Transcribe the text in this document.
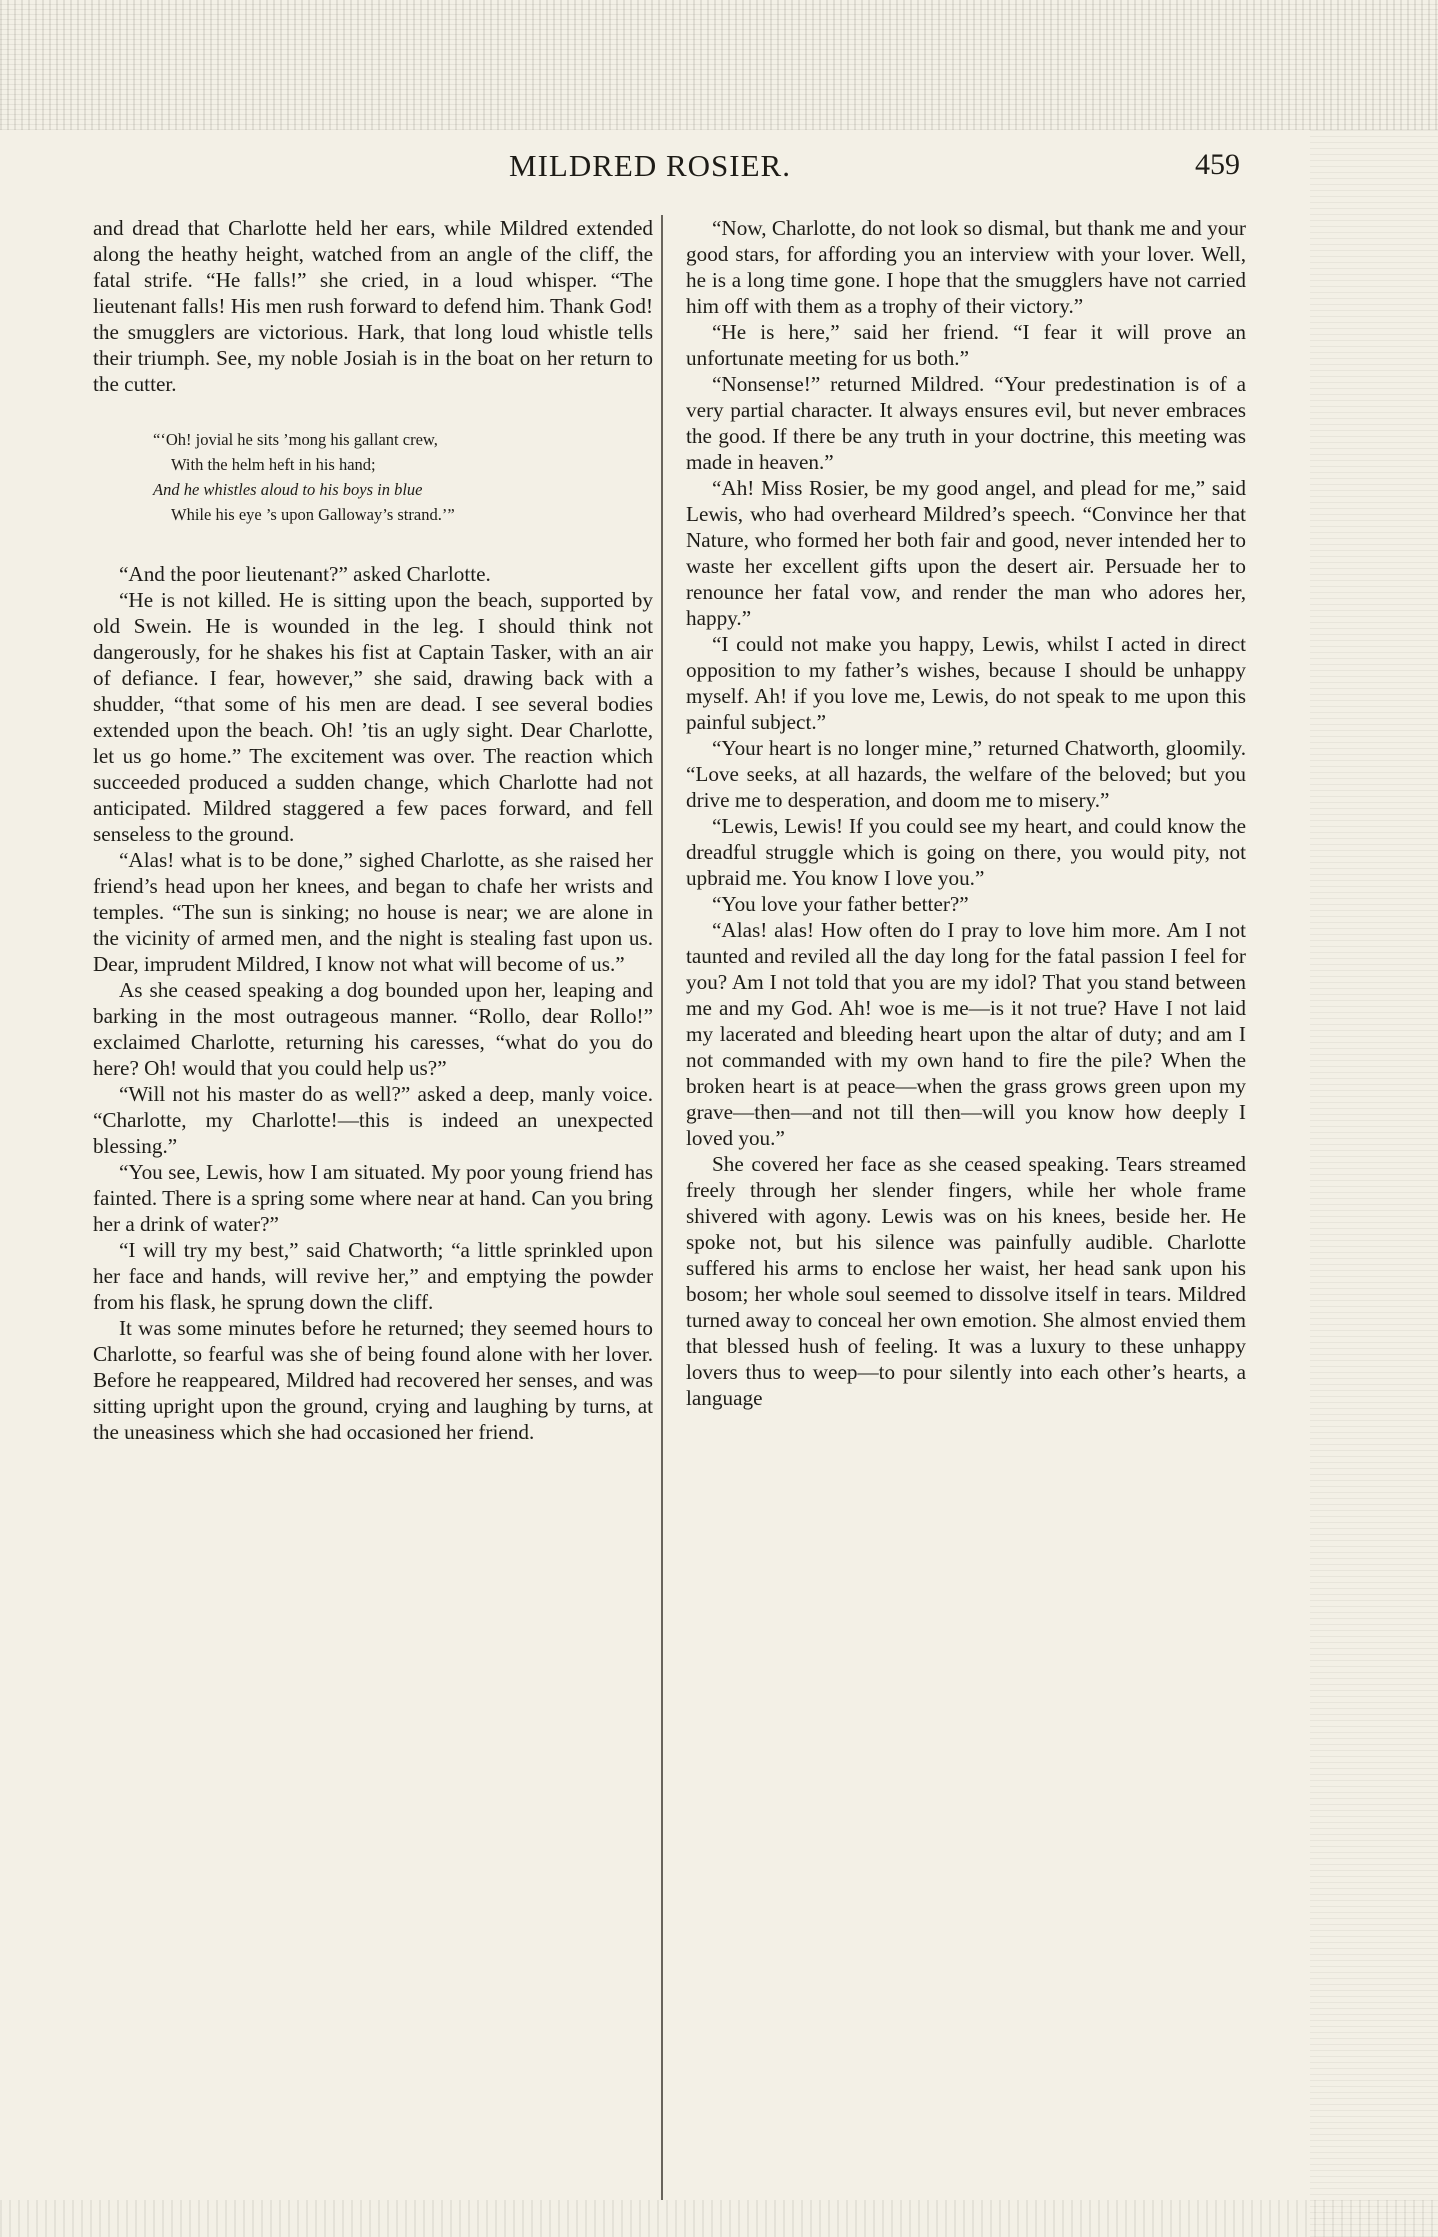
MILDRED ROSIER.	459

and dread that Charlotte held her ears, while Mildred extended along the heathy height, watched from an angle of the cliff, the fatal strife. “He falls!” she cried, in a loud whisper. “The lieutenant falls! His men rush forward to defend him. Thank God! the smugglers are victorious. Hark, that long loud whistle tells their triumph. See, my noble Josiah is in the boat on her return to the cutter.

“‘Oh! jovial he sits ’mong his gallant crew,
With the helm heft in his hand;
And he whistles aloud to his boys in blue
While his eye ’s upon Galloway’s strand.’”

“And the poor lieutenant?” asked Charlotte.

“He is not killed. He is sitting upon the beach, supported by old Swein. He is wounded in the leg. I should think not dangerously, for he shakes his fist at Captain Tasker, with an air of defiance. I fear, however,” she said, drawing back with a shudder, “that some of his men are dead. I see several bodies extended upon the beach. Oh! ’tis an ugly sight. Dear Charlotte, let us go home.” The excitement was over. The reaction which succeeded produced a sudden change, which Charlotte had not anticipated. Mildred staggered a few paces forward, and fell senseless to the ground.

“Alas! what is to be done,” sighed Charlotte, as she raised her friend’s head upon her knees, and began to chafe her wrists and temples. “The sun is sinking; no house is near; we are alone in the vicinity of armed men, and the night is stealing fast upon us. Dear, imprudent Mildred, I know not what will become of us.”

As she ceased speaking a dog bounded upon her, leaping and barking in the most outrageous manner. “Rollo, dear Rollo!” exclaimed Charlotte, returning his caresses, “what do you do here? Oh! would that you could help us?”

“Will not his master do as well?” asked a deep, manly voice. “Charlotte, my Charlotte!—this is indeed an unexpected blessing.”

“You see, Lewis, how I am situated. My poor young friend has fainted. There is a spring some where near at hand. Can you bring her a drink of water?”

“I will try my best,” said Chatworth; “a little sprinkled upon her face and hands, will revive her,” and emptying the powder from his flask, he sprung down the cliff.

It was some minutes before he returned; they seemed hours to Charlotte, so fearful was she of being found alone with her lover. Before he reappeared, Mildred had recovered her senses, and was sitting upright upon the ground, crying and laughing by turns, at the uneasiness which she had occasioned her friend.

“Now, Charlotte, do not look so dismal, but thank me and your good stars, for affording you an interview with your lover. Well, he is a long time gone. I hope that the smugglers have not carried him off with them as a trophy of their victory.”

“He is here,” said her friend. “I fear it will prove an unfortunate meeting for us both.”

“Nonsense!” returned Mildred. “Your predestination is of a very partial character. It always ensures evil, but never embraces the good. If there be any truth in your doctrine, this meeting was made in heaven.”

“Ah! Miss Rosier, be my good angel, and plead for me,” said Lewis, who had overheard Mildred’s speech. “Convince her that Nature, who formed her both fair and good, never intended her to waste her excellent gifts upon the desert air. Persuade her to renounce her fatal vow, and render the man who adores her, happy.”

“I could not make you happy, Lewis, whilst I acted in direct opposition to my father’s wishes, because I should be unhappy myself. Ah! if you love me, Lewis, do not speak to me upon this painful subject.”

“Your heart is no longer mine,” returned Chatworth, gloomily. “Love seeks, at all hazards, the welfare of the beloved; but you drive me to desperation, and doom me to misery.”

“Lewis, Lewis! If you could see my heart, and could know the dreadful struggle which is going on there, you would pity, not upbraid me. You know I love you.”

“You love your father better?”

“Alas! alas! How often do I pray to love him more. Am I not taunted and reviled all the day long for the fatal passion I feel for you? Am I not told that you are my idol? That you stand between me and my God. Ah! woe is me—is it not true? Have I not laid my lacerated and bleeding heart upon the altar of duty; and am I not commanded with my own hand to fire the pile? When the broken heart is at peace—when the grass grows green upon my grave—then—and not till then—will you know how deeply I loved you.”

She covered her face as she ceased speaking. Tears streamed freely through her slender fingers, while her whole frame shivered with agony. Lewis was on his knees, beside her. He spoke not, but his silence was painfully audible. Charlotte suffered his arms to enclose her waist, her head sank upon his bosom; her whole soul seemed to dissolve itself in tears. Mildred turned away to conceal her own emotion. She almost envied them that blessed hush of feeling. It was a luxury to these unhappy lovers thus to weep—to pour silently into each other’s hearts, a language
